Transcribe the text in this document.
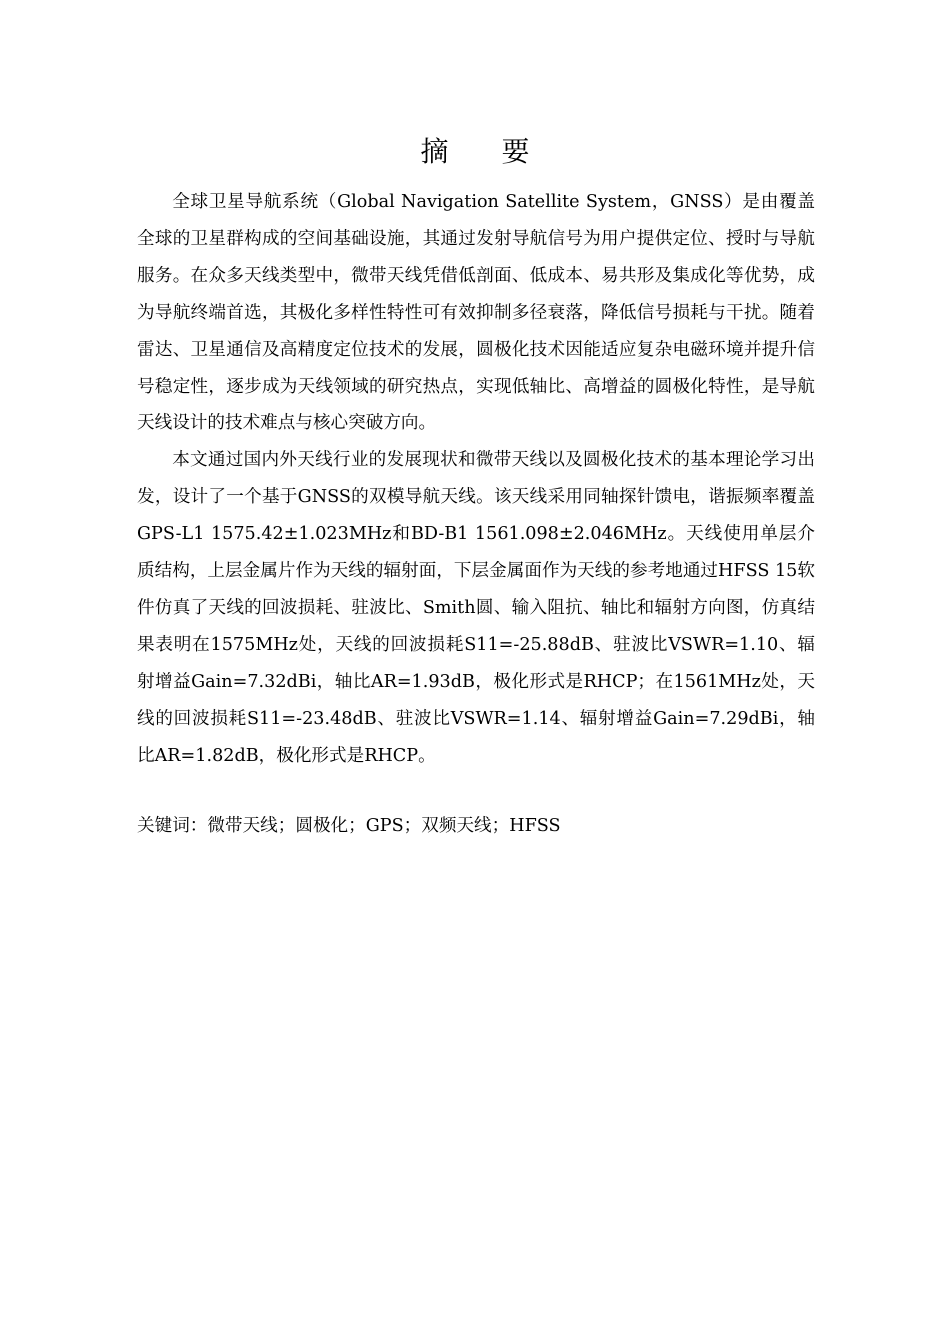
摘 要

全球卫星导航系统（Global Navigation Satellite System，GNSS）是由覆盖全球的卫星群构成的空间基础设施，其通过发射导航信号为用户提供定位、授时与导航服务。在众多天线类型中，微带天线凭借低剖面、低成本、易共形及集成化等优势，成为导航终端首选，其极化多样性特性可有效抑制多径衰落，降低信号损耗与干扰。随着雷达、卫星通信及高精度定位技术的发展，圆极化技术因能适应复杂电磁环境并提升信号稳定性，逐步成为天线领域的研究热点，实现低轴比、高增益的圆极化特性，是导航天线设计的技术难点与核心突破方向。

本文通过国内外天线行业的发展现状和微带天线以及圆极化技术的基本理论学习出发，设计了一个基于GNSS的双模导航天线。该天线采用同轴探针馈电，谐振频率覆盖GPS-L1 1575.42±1.023MHz和BD-B1 1561.098±2.046MHz。天线使用单层介质结构，上层金属片作为天线的辐射面，下层金属面作为天线的参考地通过HFSS 15软件仿真了天线的回波损耗、驻波比、Smith圆、输入阻抗、轴比和辐射方向图，仿真结果表明在1575MHz处，天线的回波损耗S11=-25.88dB、驻波比VSWR=1.10、辐射增益Gain=7.32dBi，轴比AR=1.93dB，极化形式是RHCP；在1561MHz处，天线的回波损耗S11=-23.48dB、驻波比VSWR=1.14、辐射增益Gain=7.29dBi，轴比AR=1.82dB，极化形式是RHCP。

关键词：微带天线；圆极化；GPS；双频天线；HFSS
